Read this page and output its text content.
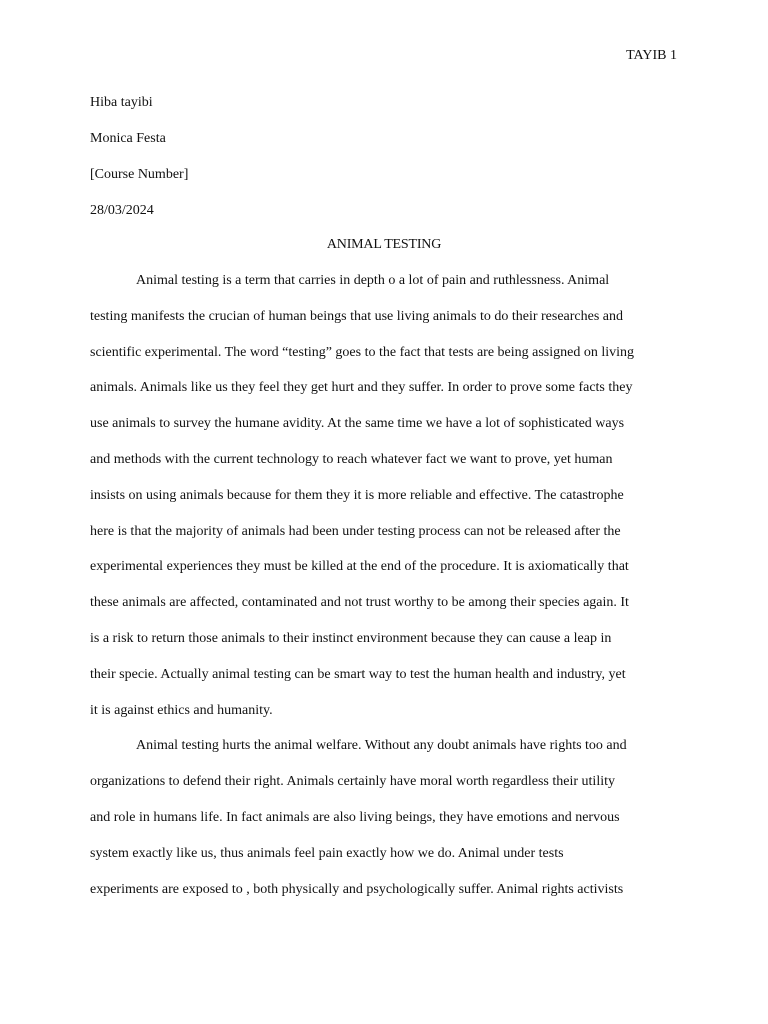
TAYIB 1
Hiba tayibi
Monica Festa
[Course Number]
28/03/2024
ANIMAL TESTING
Animal testing is a term that carries in depth o a lot of pain and ruthlessness. Animal
testing manifests the crucian of human beings that use living animals to do their researches and
scientific experimental. The word “testing” goes to the fact that tests are being assigned on living
animals. Animals like us they feel they get hurt and they suffer. In order to prove some facts they
use animals to survey the humane avidity. At the same time we have a lot of sophisticated ways
and methods with the current technology to reach whatever fact we want to prove, yet human
insists on using animals because for them they it is more reliable and effective. The catastrophe
here is that the majority of animals had been under testing process can not be released after the
experimental experiences they must be killed at the end of the procedure. It is axiomatically that
these animals are affected, contaminated and not trust worthy to be among their species again. It
is a risk to return those animals to their instinct environment because they can cause a leap in
their specie. Actually animal testing can be smart way to test the human health and industry, yet
it is against ethics and humanity.
Animal testing hurts the animal welfare. Without any doubt animals have rights too and
organizations to defend their right. Animals certainly have moral worth regardless their utility
and role in humans life. In fact animals are also living beings, they have emotions and nervous
system exactly like us, thus animals feel pain exactly how we do. Animal under tests
experiments are exposed to , both physically and psychologically suffer. Animal rights activists
